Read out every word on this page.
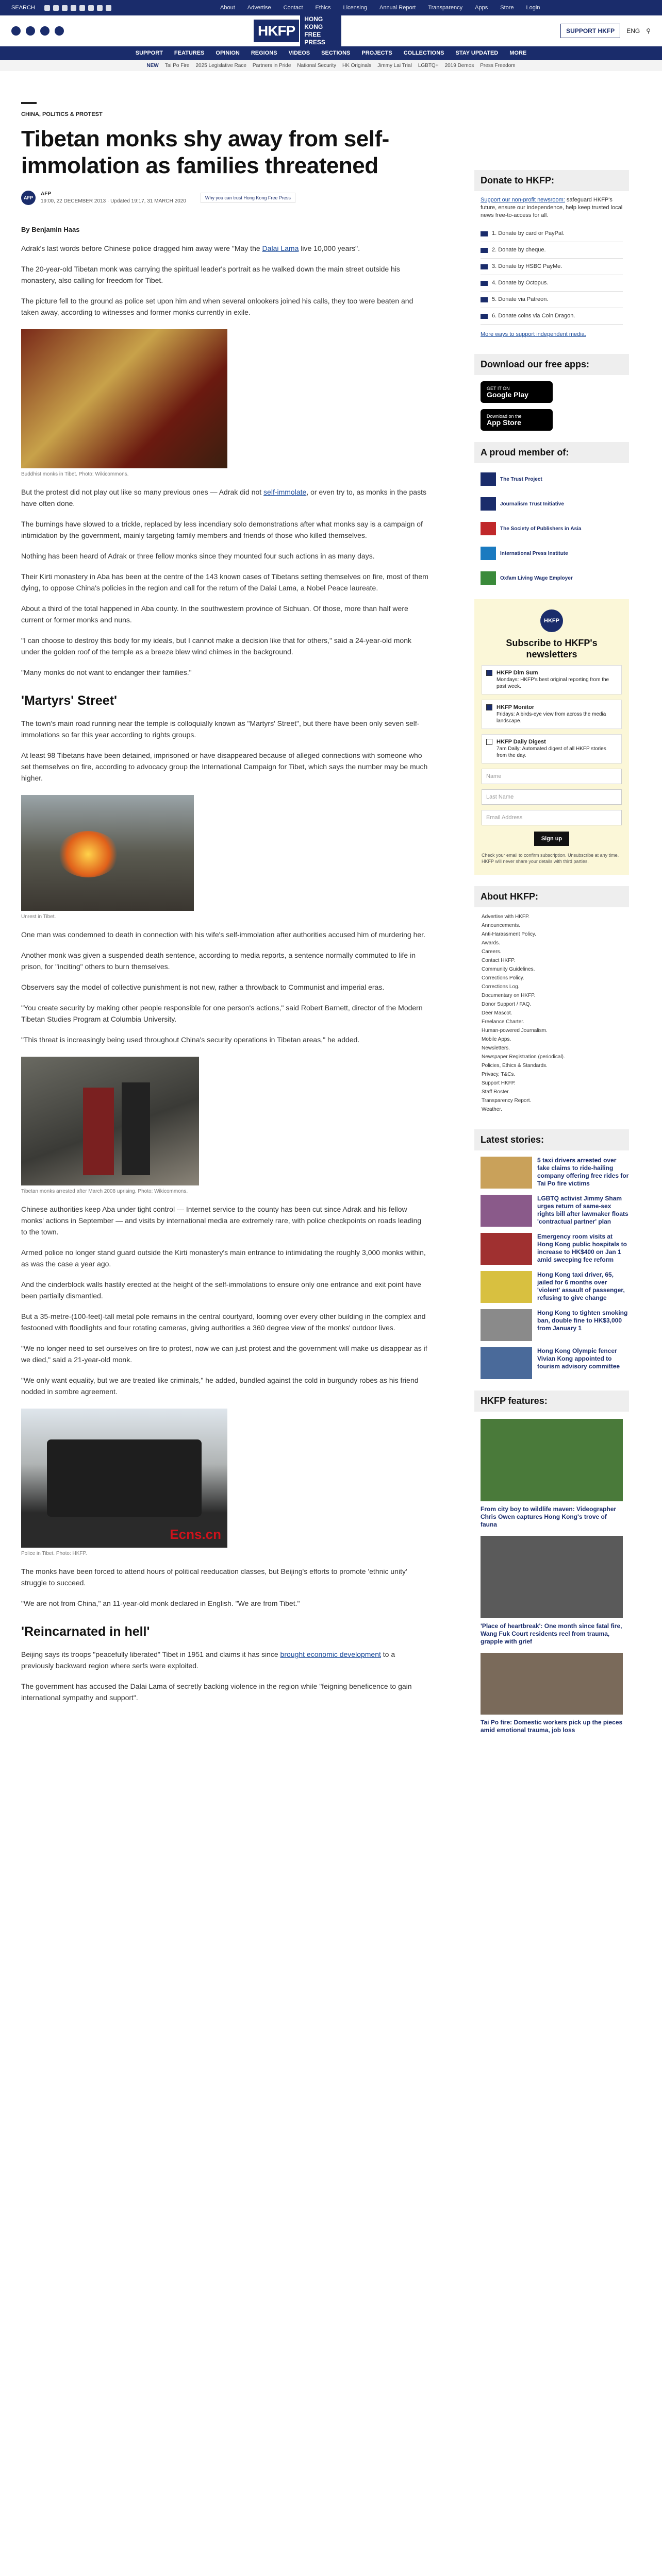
SEARCH	About	Advertise	Contact	Ethics	Licensing	Annual Report	Transparency	Apps	Store	Login
HKFP
HONG KONG FREE PRESS
SUPPORT HKFP	ENG ⚲
SUPPORT FEATURES OPINION REGIONS VIDEOS SECTIONS PROJECTS COLLECTIONS STAY UPDATED MORE
NEW Tai Po Fire 2025 Legislative Race Partners in Pride National Security HK Originals Jimmy Lai Trial LGBTQ+ 2019 Demos Press Freedom
CHINA, POLITICS & PROTEST
Tibetan monks shy away from self-immolation as families threatened
AFP
AFP
19:00, 22 DECEMBER 2013 · Updated 19:17, 31 MARCH 2020
Why you can trust Hong Kong Free Press
By Benjamin Haas

Adrak's last words before Chinese police dragged him away were "May the Dalai Lama live 10,000 years".

The 20-year-old Tibetan monk was carrying the spiritual leader's portrait as he walked down the main street outside his monastery, also calling for freedom for Tibet.

The picture fell to the ground as police set upon him and when several onlookers joined his calls, they too were beaten and taken away, according to witnesses and former monks currently in exile.

Buddhist monks in Tibet. Photo: Wikicommons.

But the protest did not play out like so many previous ones — Adrak did not self-immolate, or even try to, as monks in the pasts have often done.

The burnings have slowed to a trickle, replaced by less incendiary solo demonstrations after what monks say is a campaign of intimidation by the government, mainly targeting family members and friends of those who killed themselves.

Nothing has been heard of Adrak or three fellow monks since they mounted four such actions in as many days.

Their Kirti monastery in Aba has been at the centre of the 143 known cases of Tibetans setting themselves on fire, most of them dying, to oppose China's policies in the region and call for the return of the Dalai Lama, a Nobel Peace laureate.

About a third of the total happened in Aba county. In the southwestern province of Sichuan. Of those, more than half were current or former monks and nuns.

"I can choose to destroy this body for my ideals, but I cannot make a decision like that for others," said a 24-year-old monk under the golden roof of the temple as a breeze blew wind chimes in the background.

"Many monks do not want to endanger their families."

'Martyrs' Street'

The town's main road running near the temple is colloquially known as "Martyrs' Street", but there have been only seven self-immolations so far this year according to rights groups.

At least 98 Tibetans have been detained, imprisoned or have disappeared because of alleged connections with someone who set themselves on fire, according to advocacy group the International Campaign for Tibet, which says the number may be much higher.

Unrest in Tibet.

One man was condemned to death in connection with his wife's self-immolation after authorities accused him of murdering her.

Another monk was given a suspended death sentence, according to media reports, a sentence normally commuted to life in prison, for "inciting" others to burn themselves.

Observers say the model of collective punishment is not new, rather a throwback to Communist and imperial eras.

"You create security by making other people responsible for one person's actions," said Robert Barnett, director of the Modern Tibetan Studies Program at Columbia University.

"This threat is increasingly being used throughout China's security operations in Tibetan areas," he added.

Tibetan monks arrested after March 2008 uprising. Photo: Wikicommons.

Chinese authorities keep Aba under tight control — Internet service to the county has been cut since Adrak and his fellow monks' actions in September — and visits by international media are extremely rare, with police checkpoints on roads leading to the town.

Armed police no longer stand guard outside the Kirti monastery's main entrance to intimidating the roughly 3,000 monks within, as was the case a year ago.

And the cinderblock walls hastily erected at the height of the self-immolations to ensure only one entrance and exit point have been partially dismantled.

But a 35-metre-(100-feet)-tall metal pole remains in the central courtyard, looming over every other building in the complex and festooned with floodlights and four rotating cameras, giving authorities a 360 degree view of the monks' outdoor lives.

"We no longer need to set ourselves on fire to protest, now we can just protest and the government will make us disappear as if we died," said a 21-year-old monk.

"We only want equality, but we are treated like criminals," he added, bundled against the cold in burgundy robes as his friend nodded in sombre agreement.

Ecns.cn
Police in Tibet. Photo: HKFP.

The monks have been forced to attend hours of political reeducation classes, but Beijing's efforts to promote 'ethnic unity' struggle to succeed.

"We are not from China," an 11-year-old monk declared in English. "We are from Tibet."

'Reincarnated in hell'

Beijing says its troops "peacefully liberated" Tibet in 1951 and claims it has since brought economic development to a previously backward region where serfs were exploited.

The government has accused the Dalai Lama of secretly backing violence in the region while "feigning beneficence to gain international sympathy and support".

Donate to HKFP:
Support our non-profit newsroom: safeguard HKFP's future, ensure our independence, help keep trusted local news free-to-access for all.
1. Donate by card or PayPal.
2. Donate by cheque.
3. Donate by HSBC PayMe.
4. Donate by Octopus.
5. Donate via Patreon.
6. Donate coins via Coin Dragon.
More ways to support independent media.
Download our free apps:
GET IT ON
Google Play
Download on the
App Store
A proud member of:
The Trust Project
Journalism Trust Initiative
The Society of Publishers in Asia
International Press Institute
Oxfam Living Wage Employer
HKFP
Subscribe to HKFP's newsletters
HKFP Dim Sum
Mondays: HKFP's best original reporting from the past week.
HKFP Monitor
Fridays: A birds-eye view from across the media landscape.
HKFP Daily Digest
7am Daily: Automated digest of all HKFP stories from the day.
Name
Last Name
Email Address
Sign up
Check your email to confirm subscription. Unsubscribe at any time. HKFP will never share your details with third parties.
About HKFP:
Advertise with HKFP.
Announcements.
Anti-Harassment Policy.
Awards.
Careers.
Contact HKFP.
Community Guidelines.
Corrections Policy.
Corrections Log.
Documentary on HKFP.
Donor Support / FAQ.
Deer Mascot.
Freelance Charter.
Human-powered Journalism.
Mobile Apps.
Newsletters.
Newspaper Registration (periodical).
Policies, Ethics & Standards.
Privacy, T&Cs.
Support HKFP.
Staff Roster.
Transparency Report.
Weather.
Latest stories:
5 taxi drivers arrested over fake claims to ride-hailing company offering free rides for Tai Po fire victims
LGBTQ activist Jimmy Sham urges return of same-sex rights bill after lawmaker floats 'contractual partner' plan
Emergency room visits at Hong Kong public hospitals to increase to HK$400 on Jan 1 amid sweeping fee reform
Hong Kong taxi driver, 65, jailed for 6 months over 'violent' assault of passenger, refusing to give change
Hong Kong to tighten smoking ban, double fine to HK$3,000 from January 1
Hong Kong Olympic fencer Vivian Kong appointed to tourism advisory committee
HKFP features:
From city boy to wildlife maven: Videographer Chris Owen captures Hong Kong's trove of fauna
'Place of heartbreak': One month since fatal fire, Wang Fuk Court residents reel from trauma, grapple with grief
Tai Po fire: Domestic workers pick up the pieces amid emotional trauma, job loss
